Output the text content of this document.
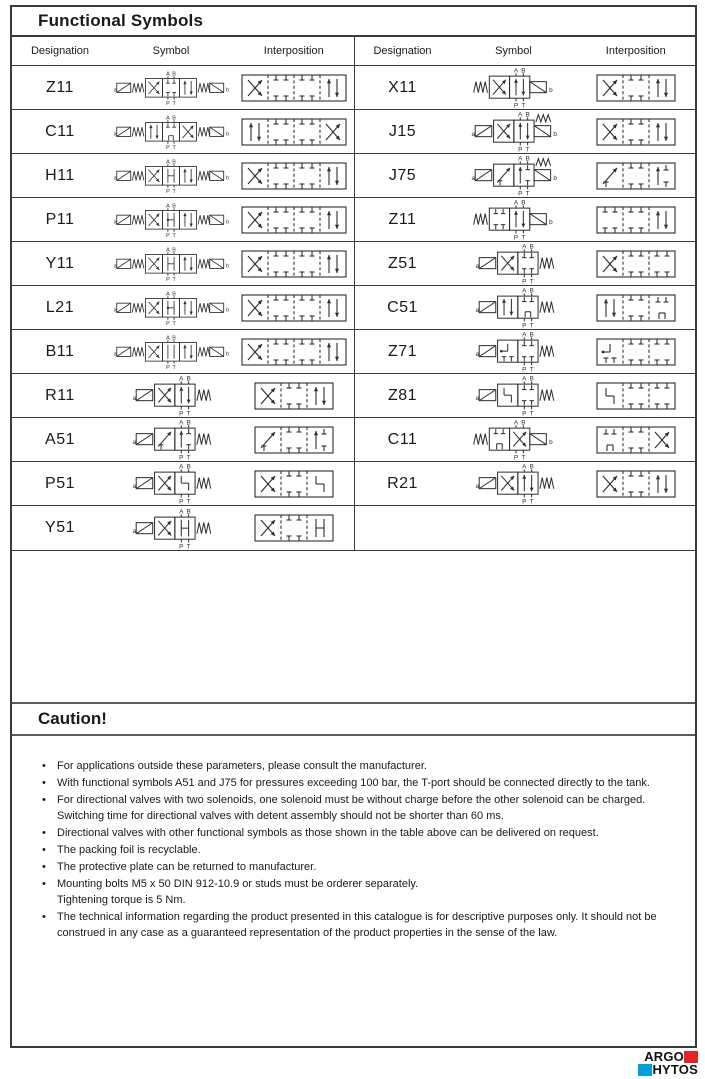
Functional Symbols
Designation	Symbol	Interposition
Z11	a
A B
P T
b
C11	a
A B
P T
b
H11	a
A B
P T
b
P11	a
A B
P T
b
Y11	a
A B
P T
b
L21	a
A B
P T
b
B11	a
A B
P T
b
R11	a
A B
P T
A51	a
A B
P T
P51	a
A B
P T
Y51	a
A B
P T
Designation	Symbol	Interposition
X11
A B
P T
b
J15	a
A B
P T
b
J75	a
A B
P T
b
Z11
A B
P T
b
Z51	a
A B
P T
C51	a
A B
P T
Z71	a
A B
P T
Z81	a
A B
P T
C11
A B
P T
b
R21	a
A B
P T
Caution!
•	For applications outside these parameters, please consult the manufacturer.
•	With functional symbols A51 and J75 for pressures exceeding 100 bar, the T-port should be connected directly to the tank.
•	For directional valves with two solenoids, one solenoid must be without charge before the other solenoid can be charged. Switching time for directional valves with detent assembly should not be shorter than 60 ms.
•	Directional valves with other functional symbols as those shown in the table above can be delivered on request.
•	The packing foil is recyclable.
•	The protective plate can be returned to manufacturer.
•	Mounting bolts M5 x 50 DIN 912-10.9 or studs must be orderer separately.
Tightening torque is 5 Nm.
•	The technical information regarding the product presented in this catalogue is for descriptive purposes only. It should not be construed in any case as a guaranteed representation of the product properties in the sense of the law.
ARGO
HYTOS
